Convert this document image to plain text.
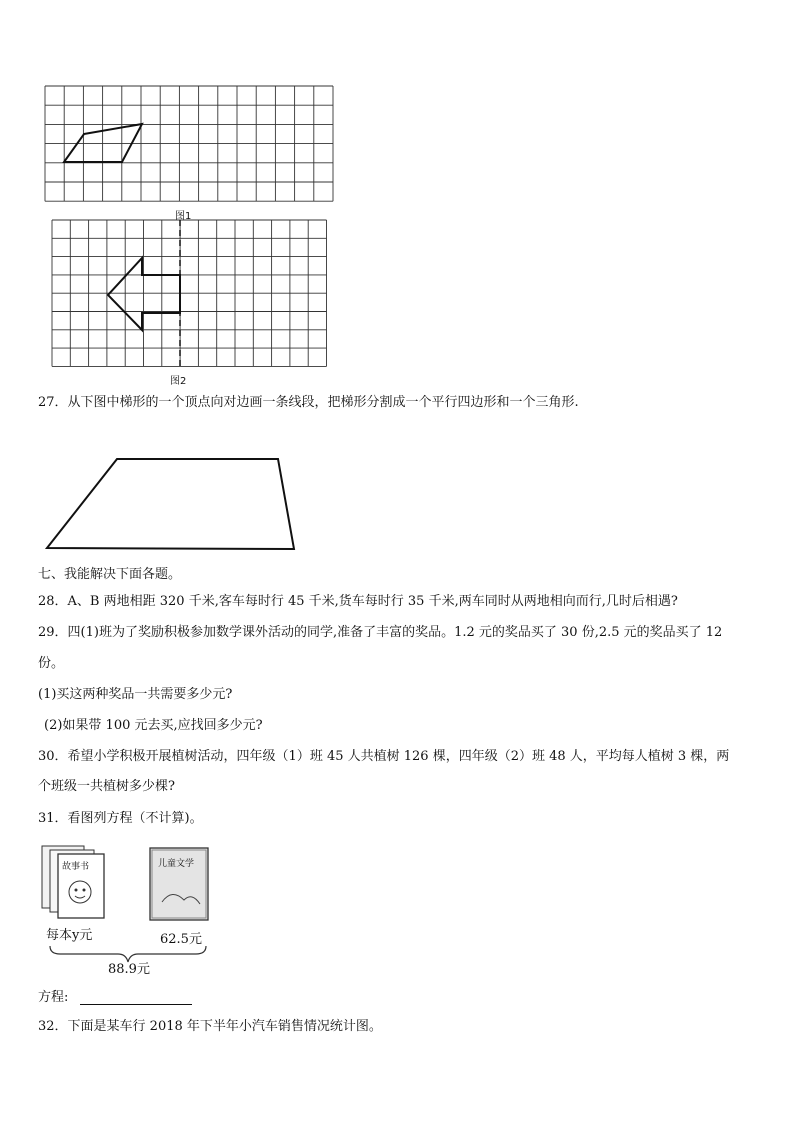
图1
图2
27．从下图中梯形的一个顶点向对边画一条线段，把梯形分割成一个平行四边形和一个三角形.
七、我能解决下面各题。
28．A、B 两地相距 320 千米,客车每时行 45 千米,货车每时行 35 千米,两车同时从两地相向而行,几时后相遇?
29．四(1)班为了奖励积极参加数学课外活动的同学,准备了丰富的奖品。1.2 元的奖品买了 30 份,2.5 元的奖品买了 12
份。
(1)买这两种奖品一共需要多少元?
(2)如果带 100 元去买,应找回多少元?
30．希望小学积极开展植树活动，四年级（1）班 45 人共植树 126 棵，四年级（2）班 48 人，平均每人植树 3 棵，两
个班级一共植树多少棵?
31．看图列方程（不计算)。
故事书	儿童文学
每本y元	62.5元
88.9元
方程:
32．下面是某车行 2018 年下半年小汽车销售情况统计图。
